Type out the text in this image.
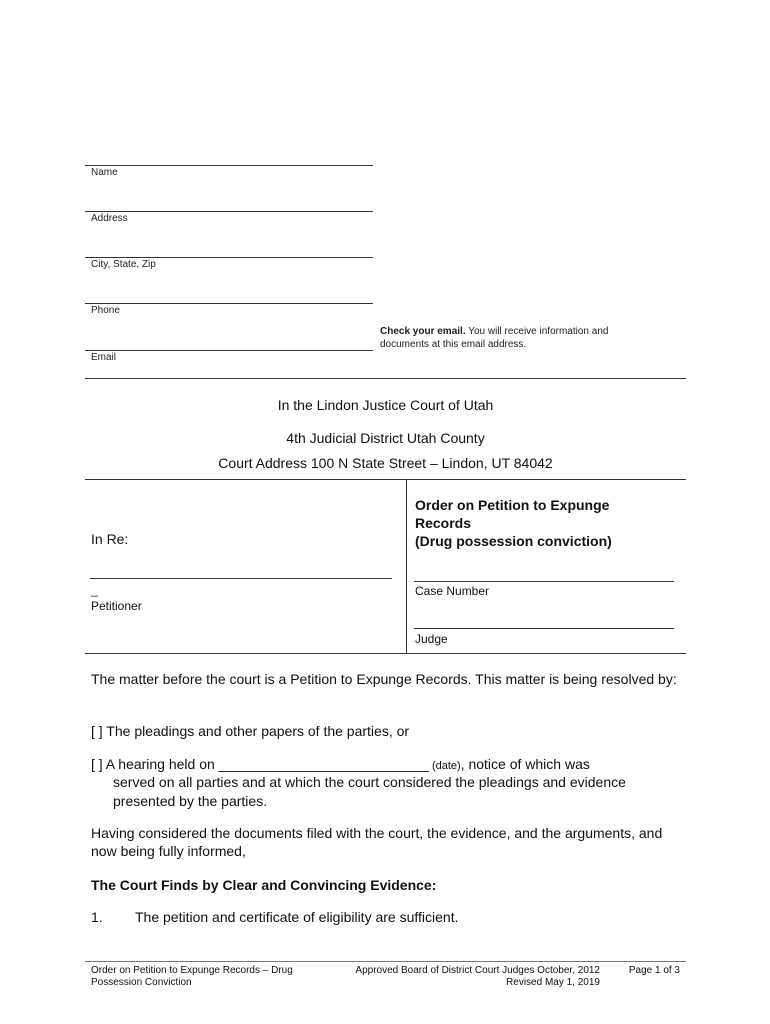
Name
Address
City, State, Zip
Phone
Check your email. You will receive information and documents at this email address.
Email
In the Lindon Justice Court of Utah
4th Judicial District Utah County
Court Address 100 N State Street – Lindon, UT 84042
In Re:
_
Petitioner
Order on Petition to Expunge
Records
(Drug possession conviction)
Case Number
Judge
The matter before the court is a Petition to Expunge Records. This matter is being resolved by:
[ ] The pleadings and other papers of the parties, or
[ ] A hearing held on ___________________________ (date), notice of which was
served on all parties and at which the court considered the pleadings and evidence
presented by the parties.
Having considered the documents filed with the court, the evidence, and the arguments, and now being fully informed,
The Court Finds by Clear and Convincing Evidence:
1. The petition and certificate of eligibility are sufficient.
Order on Petition to Expunge Records – Drug
Possession Conviction
Approved Board of District Court Judges October, 2012
Revised May 1, 2019
Page 1 of 3
